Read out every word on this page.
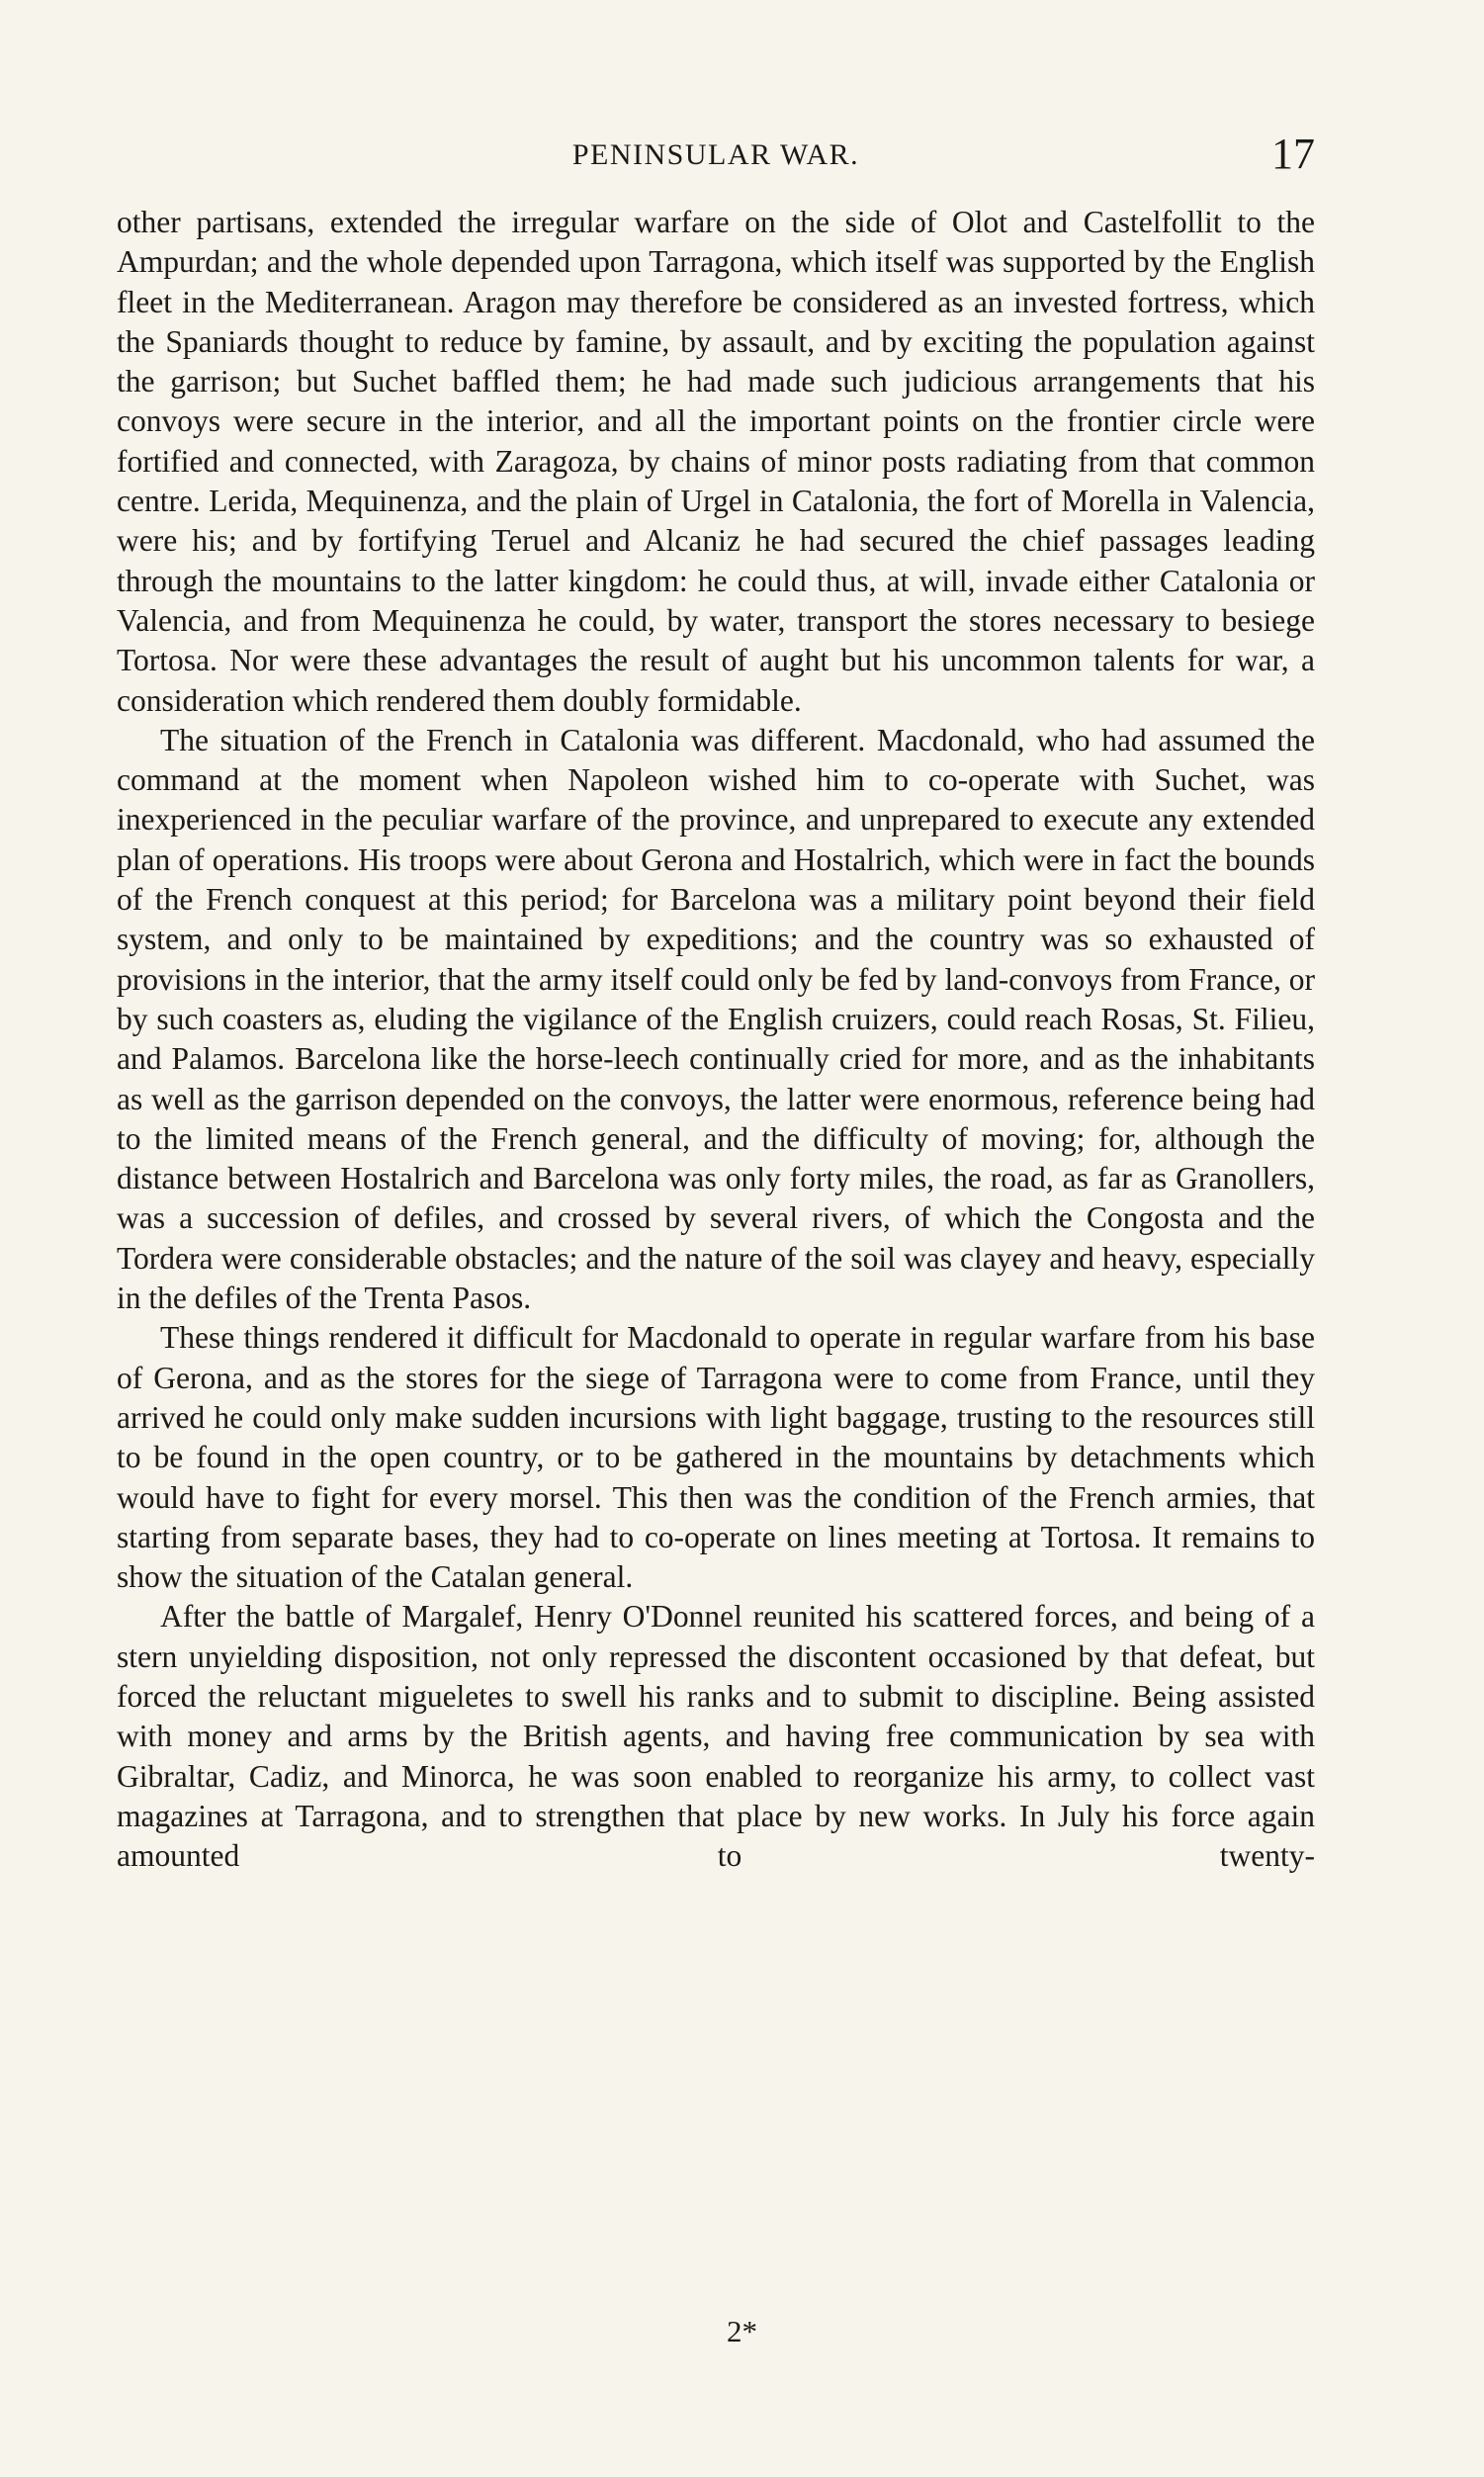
PENINSULAR WAR.	17

other partisans, extended the irregular warfare on the side of Olot and Castelfollit to the Ampurdan; and the whole depended upon Tarragona, which itself was supported by the English fleet in the Mediterranean. Aragon may therefore be considered as an invested fortress, which the Spaniards thought to reduce by famine, by assault, and by exciting the population against the garrison; but Suchet baffled them; he had made such judicious arrangements that his convoys were secure in the interior, and all the important points on the frontier circle were fortified and connected, with Zaragoza, by chains of minor posts radiating from that common centre. Lerida, Mequinenza, and the plain of Urgel in Catalonia, the fort of Morella in Valencia, were his; and by fortifying Teruel and Alcaniz he had secured the chief passages leading through the mountains to the latter kingdom: he could thus, at will, invade either Catalonia or Valencia, and from Mequinenza he could, by water, transport the stores necessary to besiege Tortosa. Nor were these advantages the result of aught but his uncommon talents for war, a consideration which rendered them doubly formidable.

The situation of the French in Catalonia was different. Macdonald, who had assumed the command at the moment when Napoleon wished him to co-operate with Suchet, was inexperienced in the peculiar warfare of the province, and unprepared to execute any extended plan of operations. His troops were about Gerona and Hostalrich, which were in fact the bounds of the French conquest at this period; for Barcelona was a military point beyond their field system, and only to be maintained by expeditions; and the country was so exhausted of provisions in the interior, that the army itself could only be fed by land-convoys from France, or by such coasters as, eluding the vigilance of the English cruizers, could reach Rosas, St. Filieu, and Palamos. Barcelona like the horse-leech continually cried for more, and as the inhabitants as well as the garrison depended on the convoys, the latter were enormous, reference being had to the limited means of the French general, and the difficulty of moving; for, although the distance between Hostalrich and Barcelona was only forty miles, the road, as far as Granollers, was a succession of defiles, and crossed by several rivers, of which the Congosta and the Tordera were considerable obstacles; and the nature of the soil was clayey and heavy, especially in the defiles of the Trenta Pasos.

These things rendered it difficult for Macdonald to operate in regular warfare from his base of Gerona, and as the stores for the siege of Tarragona were to come from France, until they arrived he could only make sudden incursions with light baggage, trusting to the resources still to be found in the open country, or to be gathered in the mountains by detachments which would have to fight for every morsel. This then was the condition of the French armies, that starting from separate bases, they had to co-operate on lines meeting at Tortosa. It remains to show the situation of the Catalan general.

After the battle of Margalef, Henry O'Donnel reunited his scattered forces, and being of a stern unyielding disposition, not only repressed the discontent occasioned by that defeat, but forced the reluctant migueletes to swell his ranks and to submit to discipline. Being assisted with money and arms by the British agents, and having free communication by sea with Gibraltar, Cadiz, and Minorca, he was soon enabled to reorganize his army, to collect vast magazines at Tarragona, and to strengthen that place by new works. In July his force again amounted to twenty-

2*
